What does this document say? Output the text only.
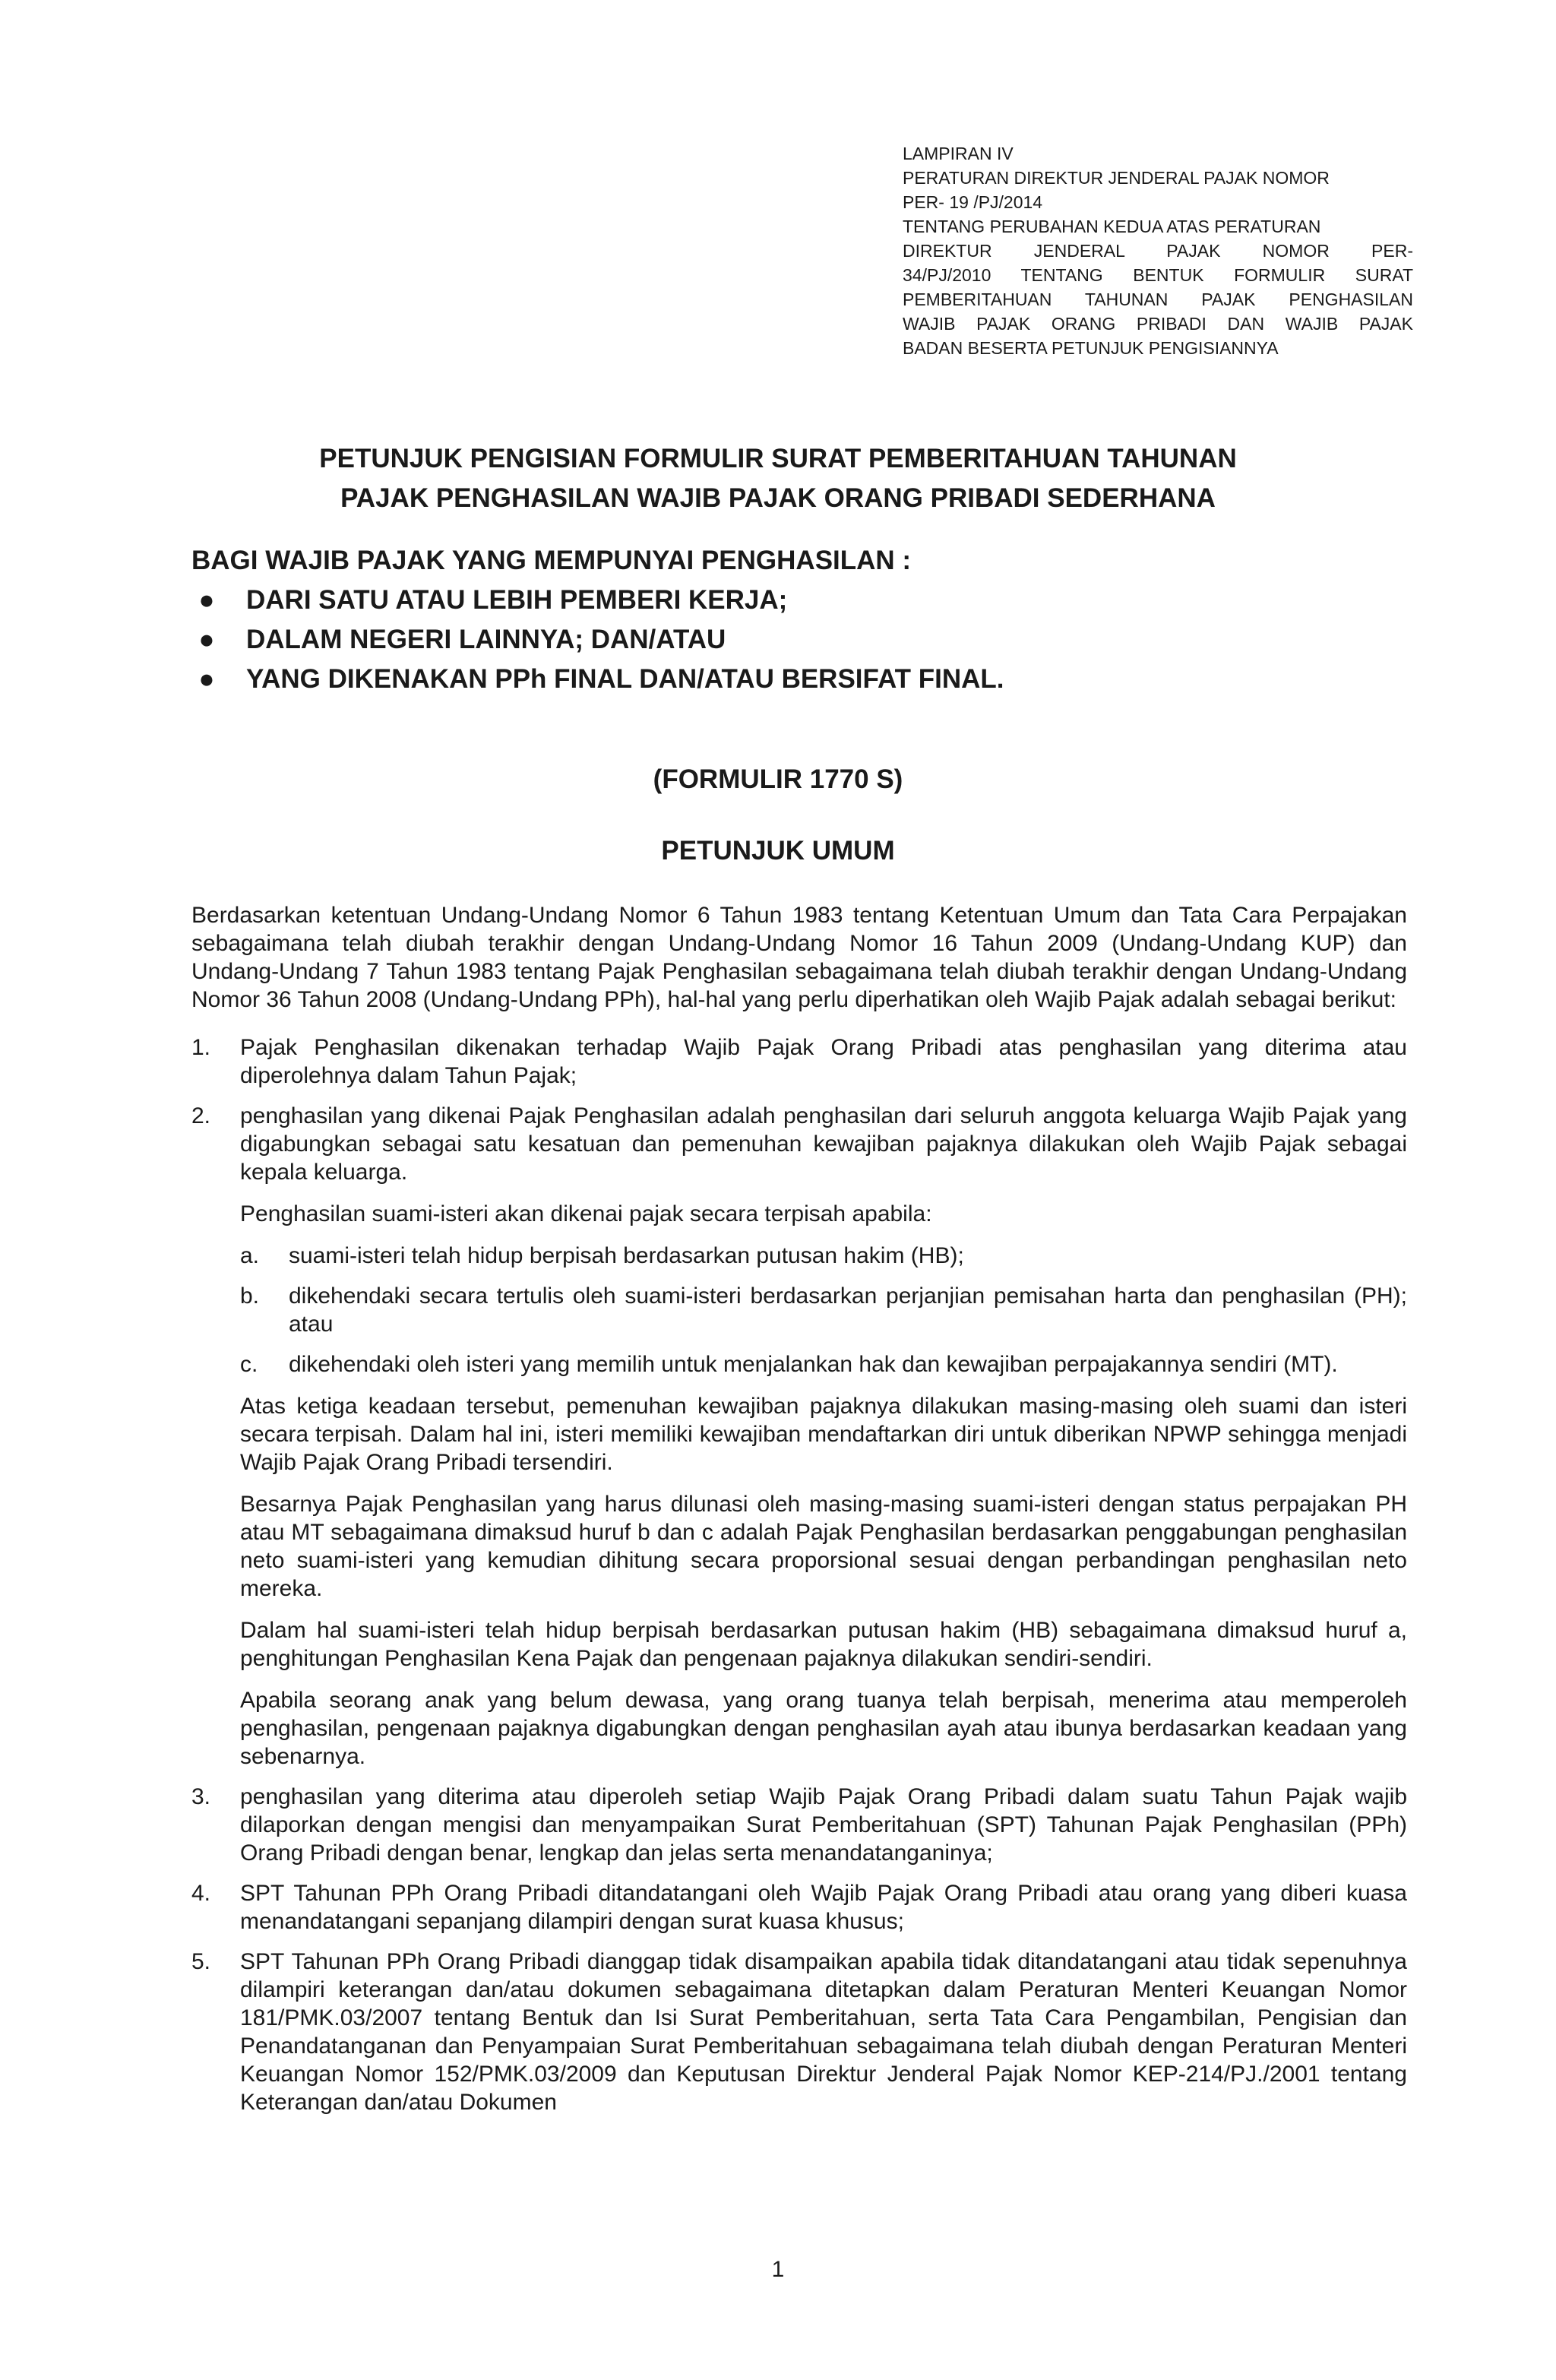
LAMPIRAN IV
PERATURAN DIREKTUR JENDERAL PAJAK NOMOR
PER- 19 /PJ/2014
TENTANG PERUBAHAN KEDUA ATAS PERATURAN
DIREKTUR JENDERAL PAJAK NOMOR PER-
34/PJ/2010 TENTANG BENTUK FORMULIR SURAT
PEMBERITAHUAN TAHUNAN PAJAK PENGHASILAN
WAJIB PAJAK ORANG PRIBADI DAN WAJIB PAJAK
BADAN BESERTA PETUNJUK PENGISIANNYA
PETUNJUK PENGISIAN FORMULIR SURAT PEMBERITAHUAN TAHUNAN
PAJAK PENGHASILAN WAJIB PAJAK ORANG PRIBADI SEDERHANA
BAGI WAJIB PAJAK YANG MEMPUNYAI PENGHASILAN :
● DARI SATU ATAU LEBIH PEMBERI KERJA;
● DALAM NEGERI LAINNYA; DAN/ATAU
● YANG DIKENAKAN PPh FINAL DAN/ATAU BERSIFAT FINAL.
(FORMULIR 1770 S)
PETUNJUK UMUM

Berdasarkan ketentuan Undang-Undang Nomor 6 Tahun 1983 tentang Ketentuan Umum dan Tata Cara Perpajakan sebagaimana telah diubah terakhir dengan Undang-Undang Nomor 16 Tahun 2009 (Undang-Undang KUP) dan Undang-Undang 7 Tahun 1983 tentang Pajak Penghasilan sebagaimana telah diubah terakhir dengan Undang-Undang Nomor 36 Tahun 2008 (Undang-Undang PPh), hal-hal yang perlu diperhatikan oleh Wajib Pajak adalah sebagai berikut:

1. Pajak Penghasilan dikenakan terhadap Wajib Pajak Orang Pribadi atas penghasilan yang diterima atau diperolehnya dalam Tahun Pajak;

2. penghasilan yang dikenai Pajak Penghasilan adalah penghasilan dari seluruh anggota keluarga Wajib Pajak yang digabungkan sebagai satu kesatuan dan pemenuhan kewajiban pajaknya dilakukan oleh Wajib Pajak sebagai kepala keluarga.

Penghasilan suami-isteri akan dikenai pajak secara terpisah apabila:

a. suami-isteri telah hidup berpisah berdasarkan putusan hakim (HB);

b. dikehendaki secara tertulis oleh suami-isteri berdasarkan perjanjian pemisahan harta dan penghasilan (PH); atau

c. dikehendaki oleh isteri yang memilih untuk menjalankan hak dan kewajiban perpajakannya sendiri (MT).

Atas ketiga keadaan tersebut, pemenuhan kewajiban pajaknya dilakukan masing-masing oleh suami dan isteri secara terpisah. Dalam hal ini, isteri memiliki kewajiban mendaftarkan diri untuk diberikan NPWP sehingga menjadi Wajib Pajak Orang Pribadi tersendiri.

Besarnya Pajak Penghasilan yang harus dilunasi oleh masing-masing suami-isteri dengan status perpajakan PH atau MT sebagaimana dimaksud huruf b dan c adalah Pajak Penghasilan berdasarkan penggabungan penghasilan neto suami-isteri yang kemudian dihitung secara proporsional sesuai dengan perbandingan penghasilan neto mereka.

Dalam hal suami-isteri telah hidup berpisah berdasarkan putusan hakim (HB) sebagaimana dimaksud huruf a, penghitungan Penghasilan Kena Pajak dan pengenaan pajaknya dilakukan sendiri-sendiri.

Apabila seorang anak yang belum dewasa, yang orang tuanya telah berpisah, menerima atau memperoleh penghasilan, pengenaan pajaknya digabungkan dengan penghasilan ayah atau ibunya berdasarkan keadaan yang sebenarnya.

3. penghasilan yang diterima atau diperoleh setiap Wajib Pajak Orang Pribadi dalam suatu Tahun Pajak wajib dilaporkan dengan mengisi dan menyampaikan Surat Pemberitahuan (SPT) Tahunan Pajak Penghasilan (PPh) Orang Pribadi dengan benar, lengkap dan jelas serta menandatanganinya;

4. SPT Tahunan PPh Orang Pribadi ditandatangani oleh Wajib Pajak Orang Pribadi atau orang yang diberi kuasa menandatangani sepanjang dilampiri dengan surat kuasa khusus;

5. SPT Tahunan PPh Orang Pribadi dianggap tidak disampaikan apabila tidak ditandatangani atau tidak sepenuhnya dilampiri keterangan dan/atau dokumen sebagaimana ditetapkan dalam Peraturan Menteri Keuangan Nomor 181/PMK.03/2007 tentang Bentuk dan Isi Surat Pemberitahuan, serta Tata Cara Pengambilan, Pengisian dan Penandatanganan dan Penyampaian Surat Pemberitahuan sebagaimana telah diubah dengan Peraturan Menteri Keuangan Nomor 152/PMK.03/2009 dan Keputusan Direktur Jenderal Pajak Nomor KEP-214/PJ./2001 tentang Keterangan dan/atau Dokumen

1
